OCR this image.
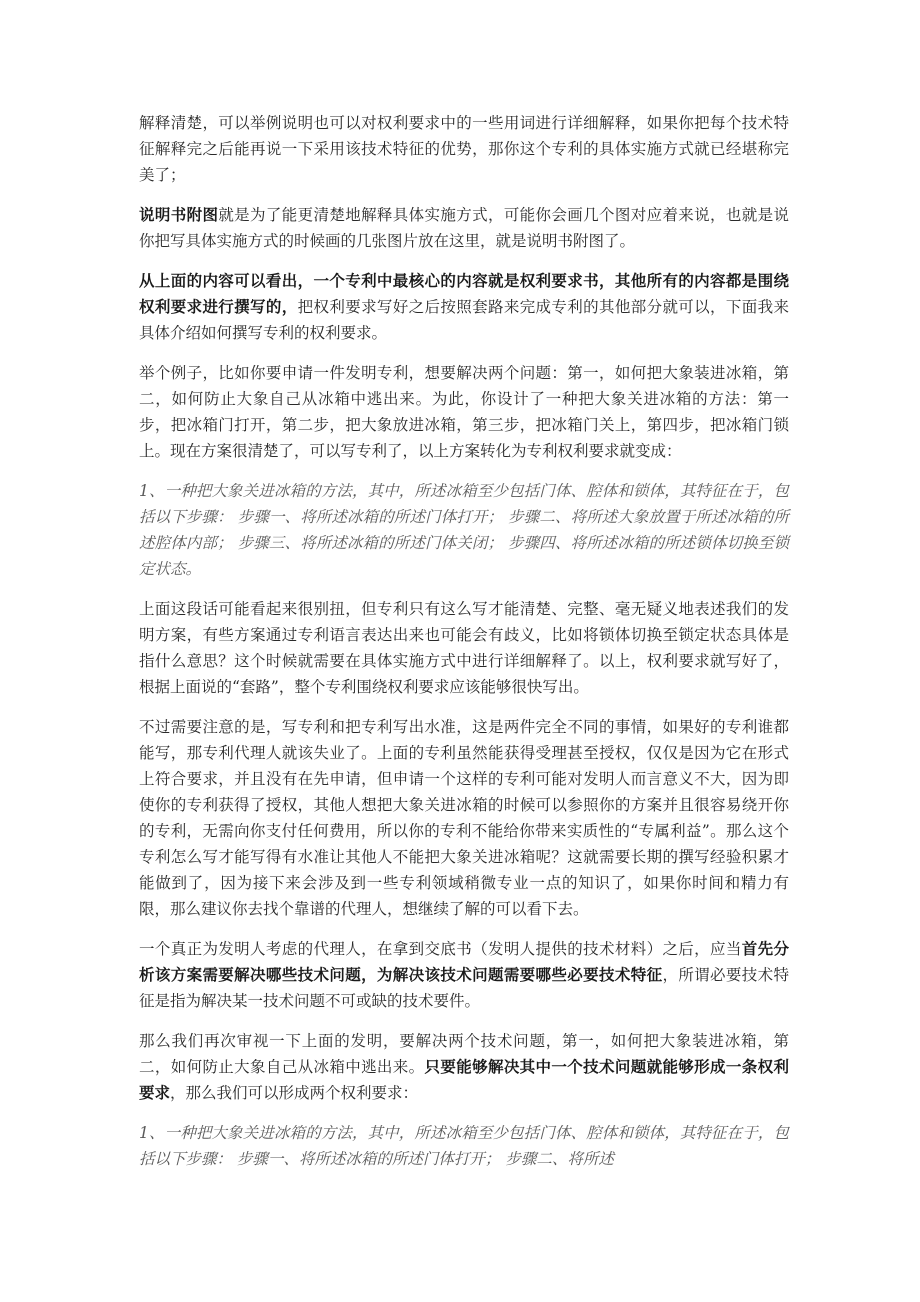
解释清楚，可以举例说明也可以对权利要求中的一些用词进行详细解释，如果你把每个技术特征解释完之后能再说一下采用该技术特征的优势，那你这个专利的具体实施方式就已经堪称完美了；

说明书附图就是为了能更清楚地解释具体实施方式，可能你会画几个图对应着来说，也就是说你把写具体实施方式的时候画的几张图片放在这里，就是说明书附图了。

从上面的内容可以看出，一个专利中最核心的内容就是权利要求书，其他所有的内容都是围绕权利要求进行撰写的，把权利要求写好之后按照套路来完成专利的其他部分就可以，下面我来具体介绍如何撰写专利的权利要求。

举个例子，比如你要申请一件发明专利，想要解决两个问题：第一，如何把大象装进冰箱，第二，如何防止大象自己从冰箱中逃出来。为此，你设计了一种把大象关进冰箱的方法：第一步，把冰箱门打开，第二步，把大象放进冰箱，第三步，把冰箱门关上，第四步，把冰箱门锁上。现在方案很清楚了，可以写专利了，以上方案转化为专利权利要求就变成：

1、一种把大象关进冰箱的方法，其中，所述冰箱至少包括门体、腔体和锁体，其特征在于，包括以下步骤： 步骤一、将所述冰箱的所述门体打开； 步骤二、将所述大象放置于所述冰箱的所述腔体内部； 步骤三、将所述冰箱的所述门体关闭； 步骤四、将所述冰箱的所述锁体切换至锁定状态。

上面这段话可能看起来很别扭，但专利只有这么写才能清楚、完整、毫无疑义地表述我们的发明方案，有些方案通过专利语言表达出来也可能会有歧义，比如将锁体切换至锁定状态具体是指什么意思？这个时候就需要在具体实施方式中进行详细解释了。以上，权利要求就写好了，根据上面说的“套路”，整个专利围绕权利要求应该能够很快写出。

不过需要注意的是，写专利和把专利写出水准，这是两件完全不同的事情，如果好的专利谁都能写，那专利代理人就该失业了。上面的专利虽然能获得受理甚至授权，仅仅是因为它在形式上符合要求，并且没有在先申请，但申请一个这样的专利可能对发明人而言意义不大，因为即使你的专利获得了授权，其他人想把大象关进冰箱的时候可以参照你的方案并且很容易绕开你的专利，无需向你支付任何费用，所以你的专利不能给你带来实质性的“专属利益”。那么这个专利怎么写才能写得有水准让其他人不能把大象关进冰箱呢？这就需要长期的撰写经验积累才能做到了，因为接下来会涉及到一些专利领域稍微专业一点的知识了，如果你时间和精力有限，那么建议你去找个靠谱的代理人，想继续了解的可以看下去。

一个真正为发明人考虑的代理人，在拿到交底书（发明人提供的技术材料）之后，应当首先分析该方案需要解决哪些技术问题，为解决该技术问题需要哪些必要技术特征，所谓必要技术特征是指为解决某一技术问题不可或缺的技术要件。

那么我们再次审视一下上面的发明，要解决两个技术问题，第一，如何把大象装进冰箱，第二，如何防止大象自己从冰箱中逃出来。只要能够解决其中一个技术问题就能够形成一条权利要求，那么我们可以形成两个权利要求：

1、一种把大象关进冰箱的方法，其中，所述冰箱至少包括门体、腔体和锁体，其特征在于，包括以下步骤： 步骤一、将所述冰箱的所述门体打开； 步骤二、将所述
